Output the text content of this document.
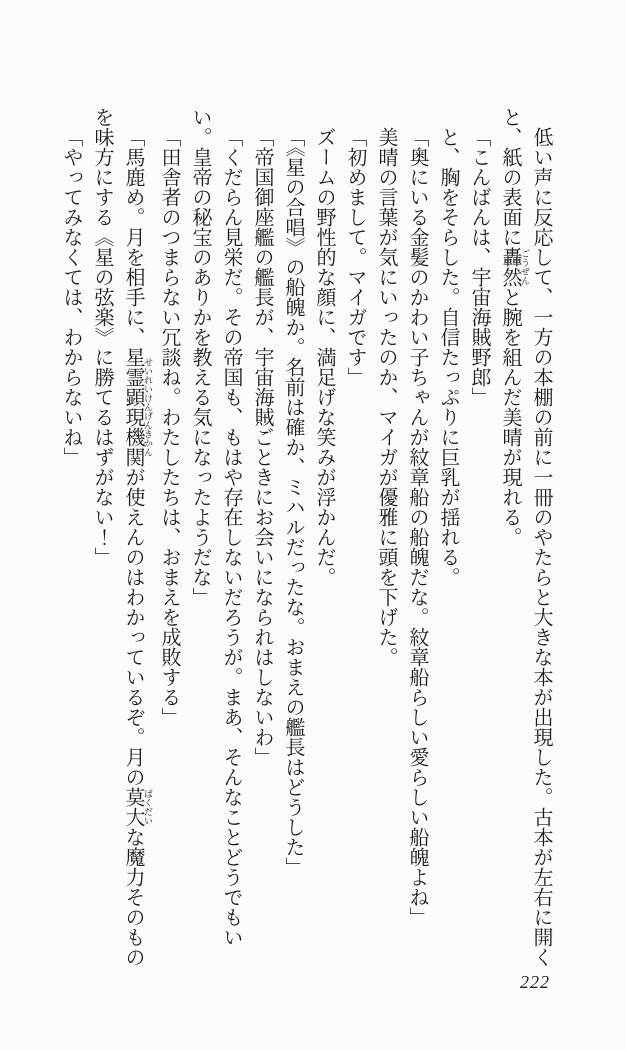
低い声に反応して、一方の本棚の前に一冊のやたらと大きな本が出現した。古本が左右に開くと、紙の表面に轟然 ごうぜんと腕を組んだ美晴が現れる。

「こんばんは、宇宙海賊野郎」

と、胸をそらした。自信たっぷりに巨乳が揺れる。

「奥にいる金髪のかわい子ちゃんが紋章船の船魄だな。紋章船らしい愛らしい船魄よね」

美晴の言葉が気にいったのか、マイガが優雅に頭を下げた。

「初めまして。マイガです」

ズームの野性的な顔に、満足げな笑みが浮かんだ。

「《星の合唱》の船魄か。名前は確か、ミハルだったな。おまえの艦長はどうした」

「帝国御座艦の艦長が、宇宙海賊ごときにお会いになられはしないわ」

「くだらん見栄だ。その帝国も、もはや存在しないだろうが。まあ、そんなことどうでもいい。皇帝の秘宝のありかを教える気になったようだな」

「田舎者のつまらない冗談ね。わたしたちは、おまえを成敗する」

「馬鹿め。月を相手に、星霊顕現機関 せいれいけんげんきかんが使えんのはわかっているぞ。月の莫大 ばくだいな魔力そのものを味方にする《星の弦楽》に勝てるはずがない！」

「やってみなくては、わからないね」

222
